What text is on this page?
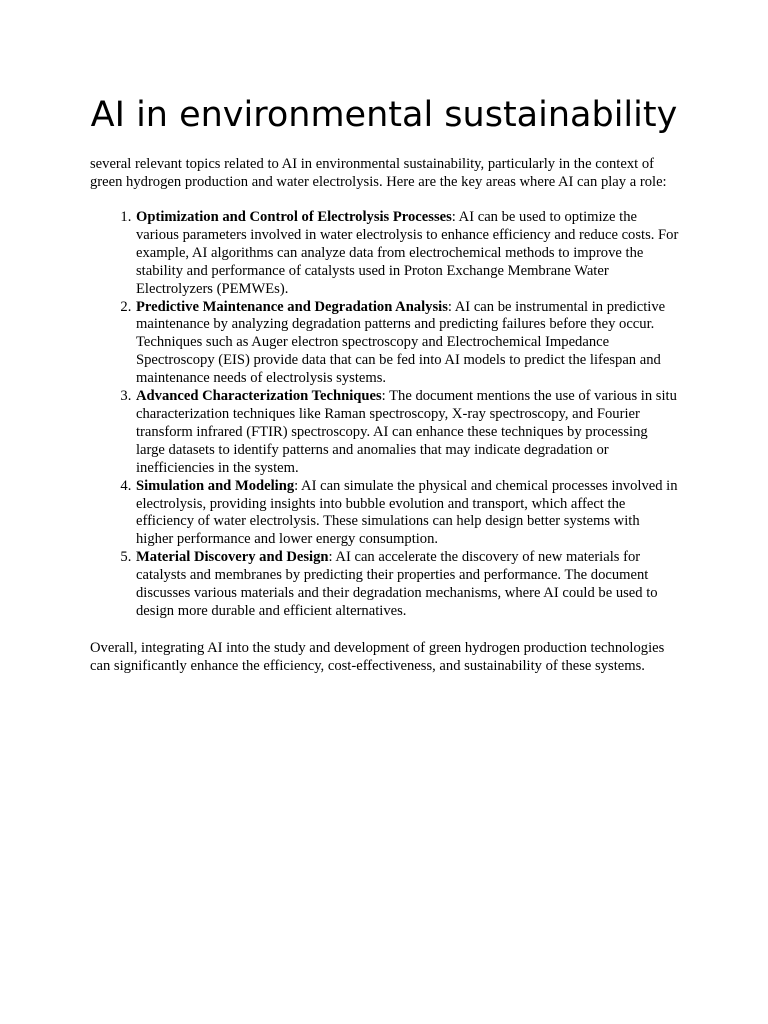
AI in environmental sustainability

several relevant topics related to AI in environmental sustainability, particularly in the context of green hydrogen production and water electrolysis. Here are the key areas where AI can play a role:

1. Optimization and Control of Electrolysis Processes: AI can be used to optimize the various parameters involved in water electrolysis to enhance efficiency and reduce costs. For example, AI algorithms can analyze data from electrochemical methods to improve the stability and performance of catalysts used in Proton Exchange Membrane Water Electrolyzers (PEMWEs).
2. Predictive Maintenance and Degradation Analysis: AI can be instrumental in predictive maintenance by analyzing degradation patterns and predicting failures before they occur. Techniques such as Auger electron spectroscopy and Electrochemical Impedance Spectroscopy (EIS) provide data that can be fed into AI models to predict the lifespan and maintenance needs of electrolysis systems.
3. Advanced Characterization Techniques: The document mentions the use of various in situ characterization techniques like Raman spectroscopy, X-ray spectroscopy, and Fourier transform infrared (FTIR) spectroscopy. AI can enhance these techniques by processing large datasets to identify patterns and anomalies that may indicate degradation or inefficiencies in the system.
4. Simulation and Modeling: AI can simulate the physical and chemical processes involved in electrolysis, providing insights into bubble evolution and transport, which affect the efficiency of water electrolysis. These simulations can help design better systems with higher performance and lower energy consumption.
5. Material Discovery and Design: AI can accelerate the discovery of new materials for catalysts and membranes by predicting their properties and performance. The document discusses various materials and their degradation mechanisms, where AI could be used to design more durable and efficient alternatives.

Overall, integrating AI into the study and development of green hydrogen production technologies can significantly enhance the efficiency, cost-effectiveness, and sustainability of these systems.
